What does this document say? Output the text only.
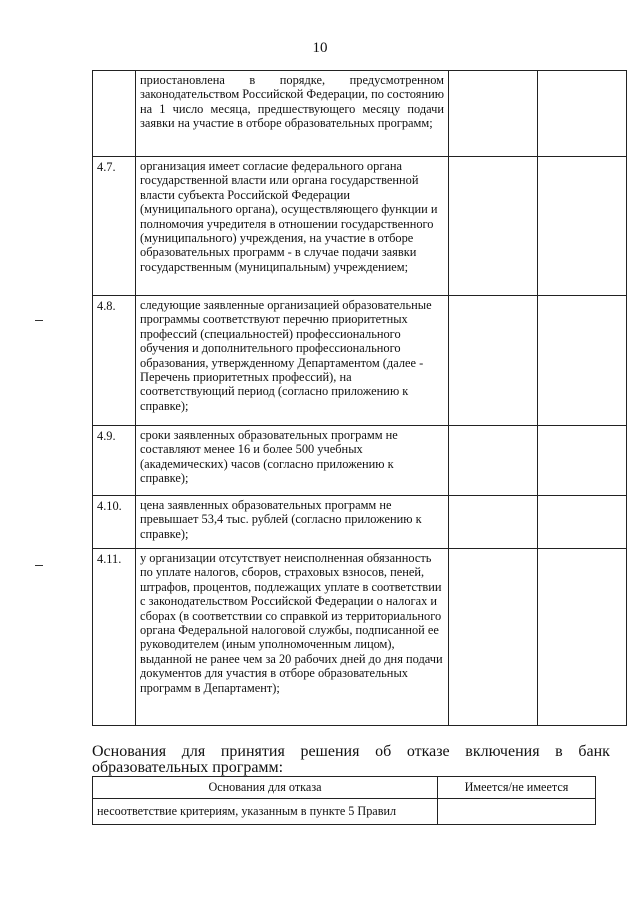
10
	приостановлена в порядке, предусмотренном законодательством Российской Федерации, по состоянию на 1 число месяца, предшествующего месяцу подачи заявки на участие в отборе образовательных программ;		
4.7.	организация имеет согласие федерального органа государственной власти или органа государственной власти субъекта Российской Федерации (муниципального органа), осуществляющего функции и полномочия учредителя в отношении государственного (муниципального) учреждения, на участие в отборе образовательных программ - в случае подачи заявки государственным (муниципальным) учреждением;		
4.8.	следующие заявленные организацией образовательные программы соответствуют перечню приоритетных профессий (специальностей) профессионального обучения и дополнительного профессионального образования, утвержденному Департаментом (далее - Перечень приоритетных профессий), на соответствующий период (согласно приложению к справке);		
4.9.	сроки заявленных образовательных программ не составляют менее 16 и более 500 учебных (академических) часов (согласно приложению к справке);		
4.10.	цена заявленных образовательных программ не превышает 53,4 тыс. рублей (согласно приложению к справке);		
4.11.	у организации отсутствует неисполненная обязанность по уплате налогов, сборов, страховых взносов, пеней, штрафов, процентов, подлежащих уплате в соответствии с законодательством Российской Федерации о налогах и сборах (в соответствии со справкой из территориального органа Федеральной налоговой службы, подписанной ее руководителем (иным уполномоченным лицом), выданной не ранее чем за 20 рабочих дней до дня подачи документов для участия в отборе образовательных программ в Департамент);		
Основания для принятия решения об отказе включения в банк
образовательных программ:
Основания для отказа	Имеется/не имеется
несоответствие критериям, указанным в пункте 5 Правил	
